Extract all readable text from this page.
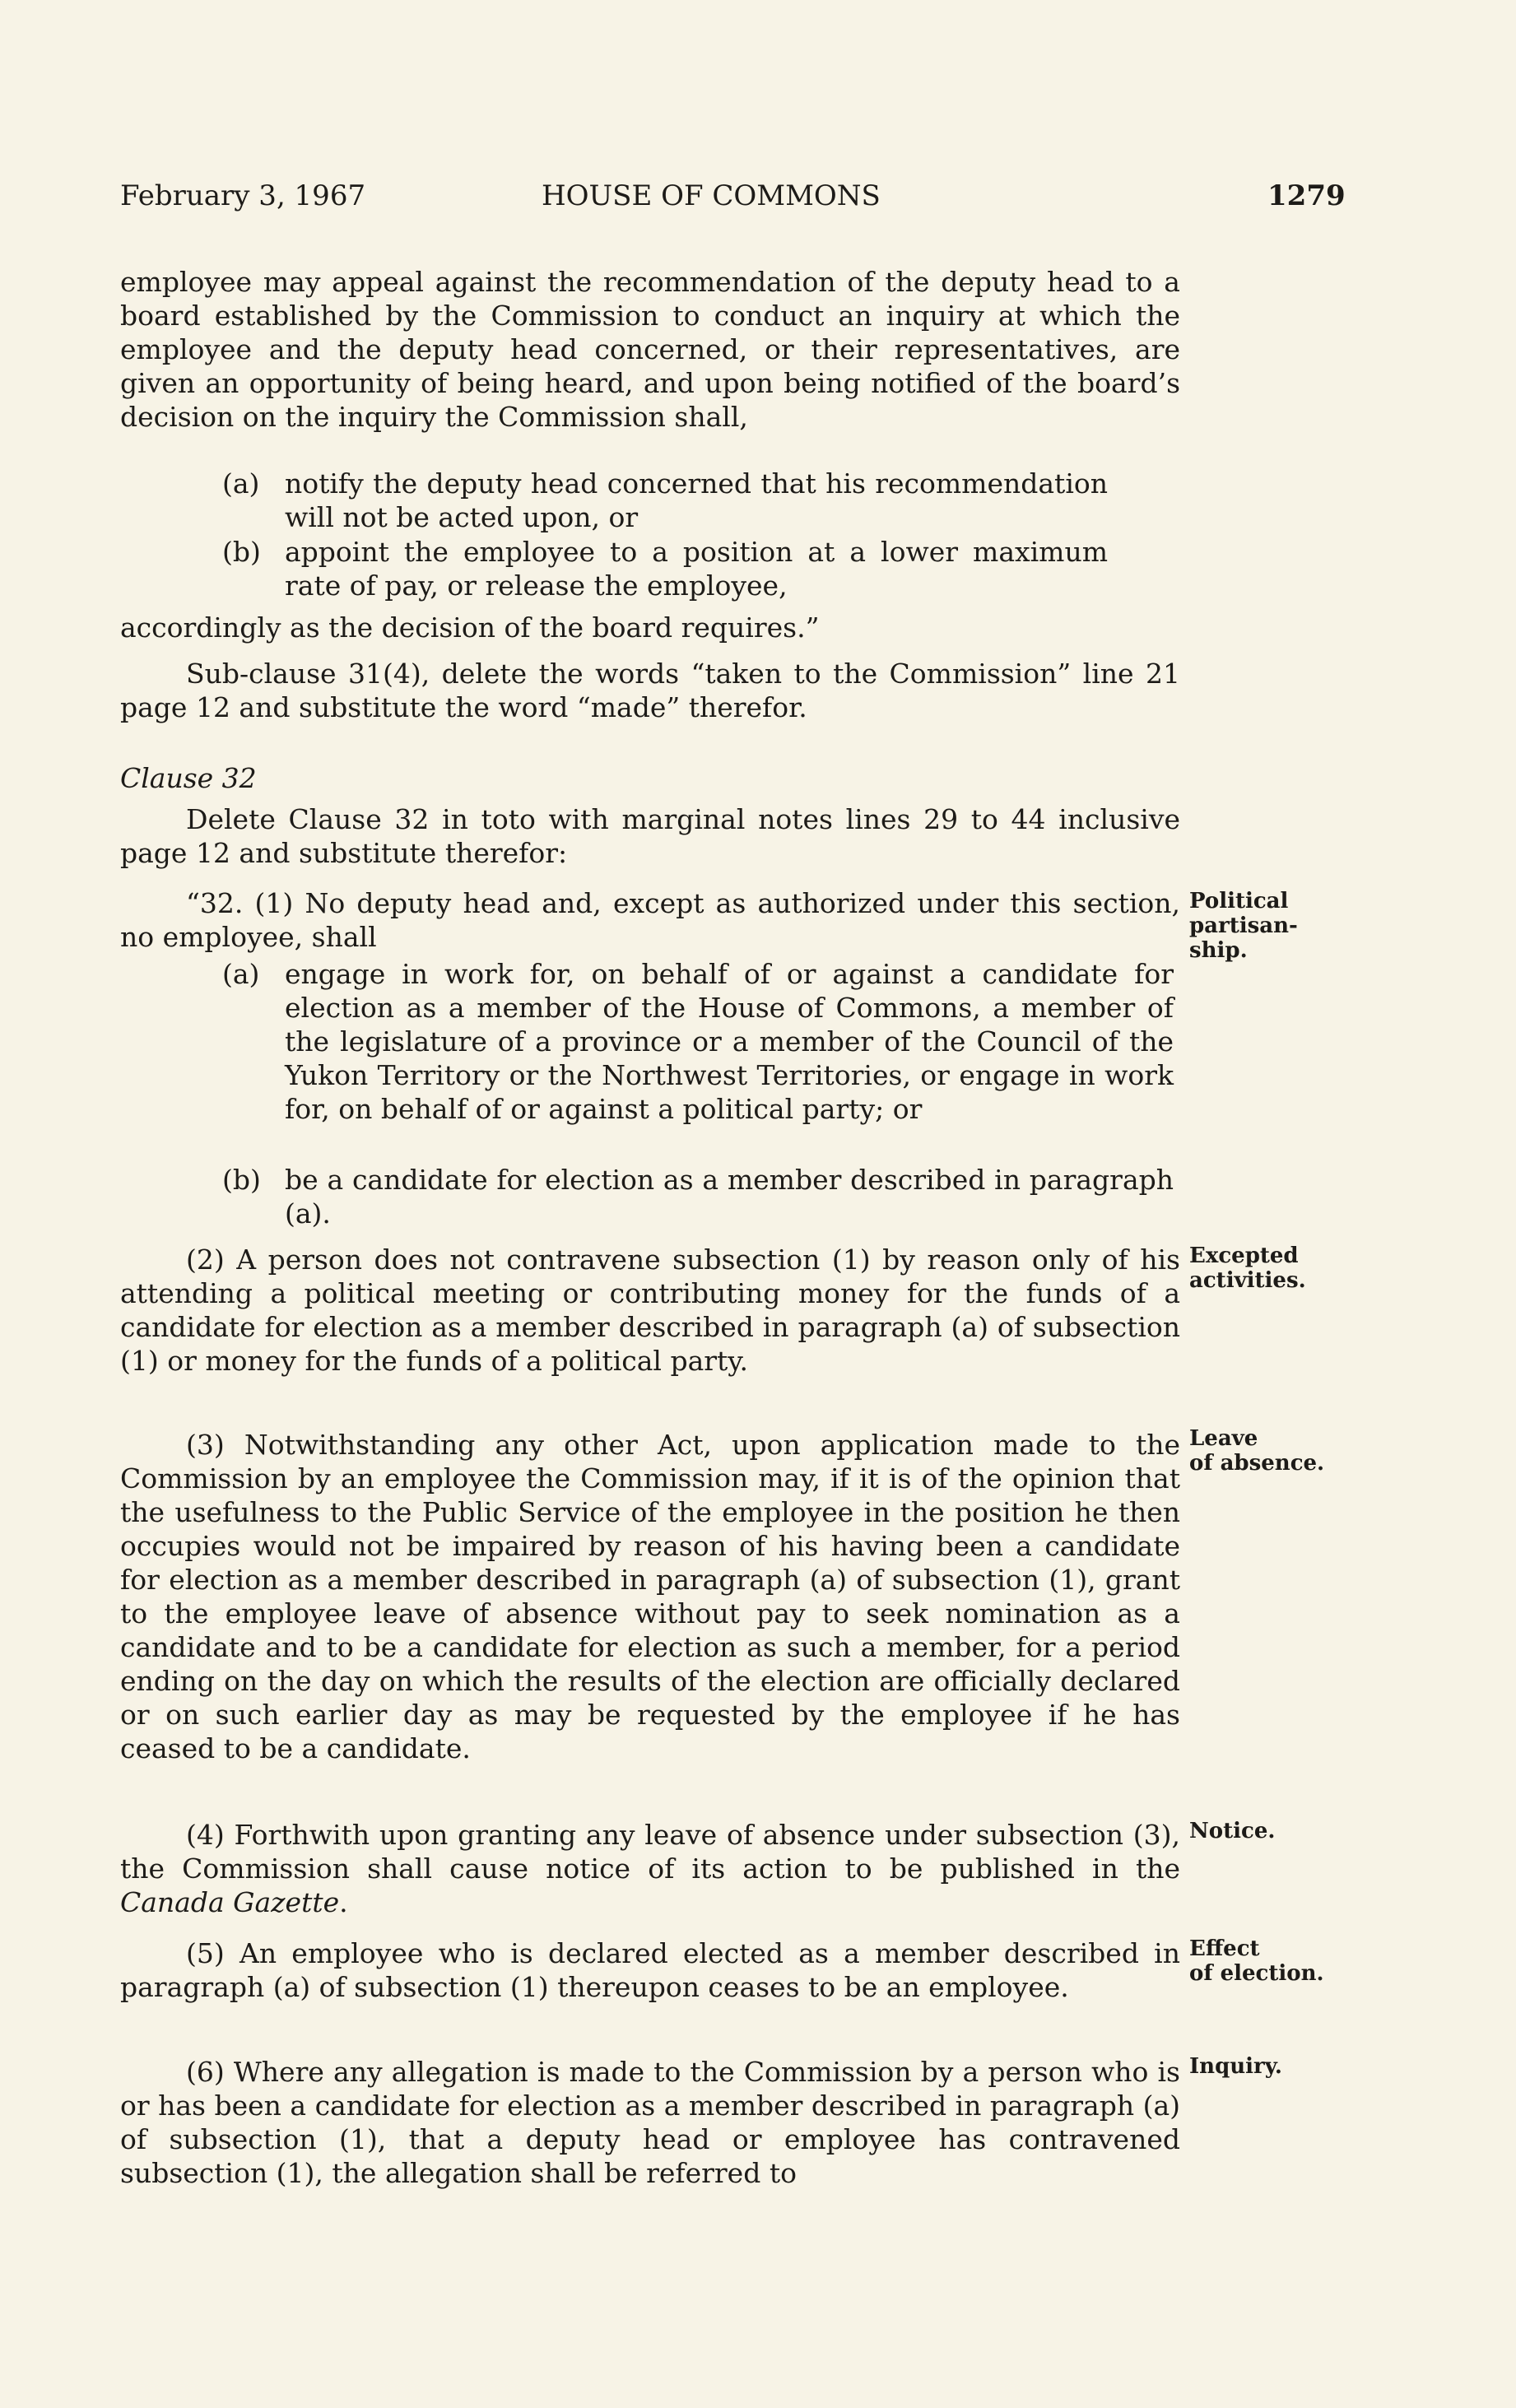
February 3, 1967	HOUSE OF COMMONS	1279

employee may appeal against the recommendation of the deputy head to a board established by the Commission to conduct an inquiry at which the employee and the deputy head concerned, or their representatives, are given an opportunity of being heard, and upon being notified of the board’s decision on the inquiry the Commission shall,

(a) notify the deputy head concerned that his recommendation will not be acted upon, or
(b) appoint the employee to a position at a lower maximum rate of pay, or release the employee,

accordingly as the decision of the board requires.”

Sub-clause 31(4), delete the words “taken to the Commission” line 21 page 12 and substitute the word “made” therefor.

Clause 32

Delete Clause 32 in toto with marginal notes lines 29 to 44 inclusive page 12 and substitute therefor:

“32. (1) No deputy head and, except as authorized under this section, no employee, shall

Political
partisan-
ship.
(a) engage in work for, on behalf of or against a candidate for election as a member of the House of Commons, a member of the legislature of a province or a member of the Council of the Yukon Territory or the Northwest Territories, or engage in work for, on behalf of or against a political party; or
(b) be a candidate for election as a member described in paragraph (a).

(2) A person does not contravene subsection (1) by reason only of his attending a political meeting or contributing money for the funds of a candidate for election as a member described in paragraph (a) of subsection (1) or money for the funds of a political party.

Excepted
activities.

(3) Notwithstanding any other Act, upon application made to the Commission by an employee the Commission may, if it is of the opinion that the usefulness to the Public Service of the employee in the position he then occupies would not be impaired by reason of his having been a candidate for election as a member described in paragraph (a) of subsection (1), grant to the employee leave of absence without pay to seek nomination as a candidate and to be a candidate for election as such a member, for a period ending on the day on which the results of the election are officially declared or on such earlier day as may be requested by the employee if he has ceased to be a candidate.

Leave
of absence.

(4) Forthwith upon granting any leave of absence under subsection (3), the Commission shall cause notice of its action to be published in the Canada Gazette.

Notice.

(5) An employee who is declared elected as a member described in paragraph (a) of subsection (1) thereupon ceases to be an employee.

Effect
of election.

(6) Where any allegation is made to the Commission by a person who is or has been a candidate for election as a member described in paragraph (a) of subsection (1), that a deputy head or employee has contravened subsection (1), the allegation shall be referred to

Inquiry.
